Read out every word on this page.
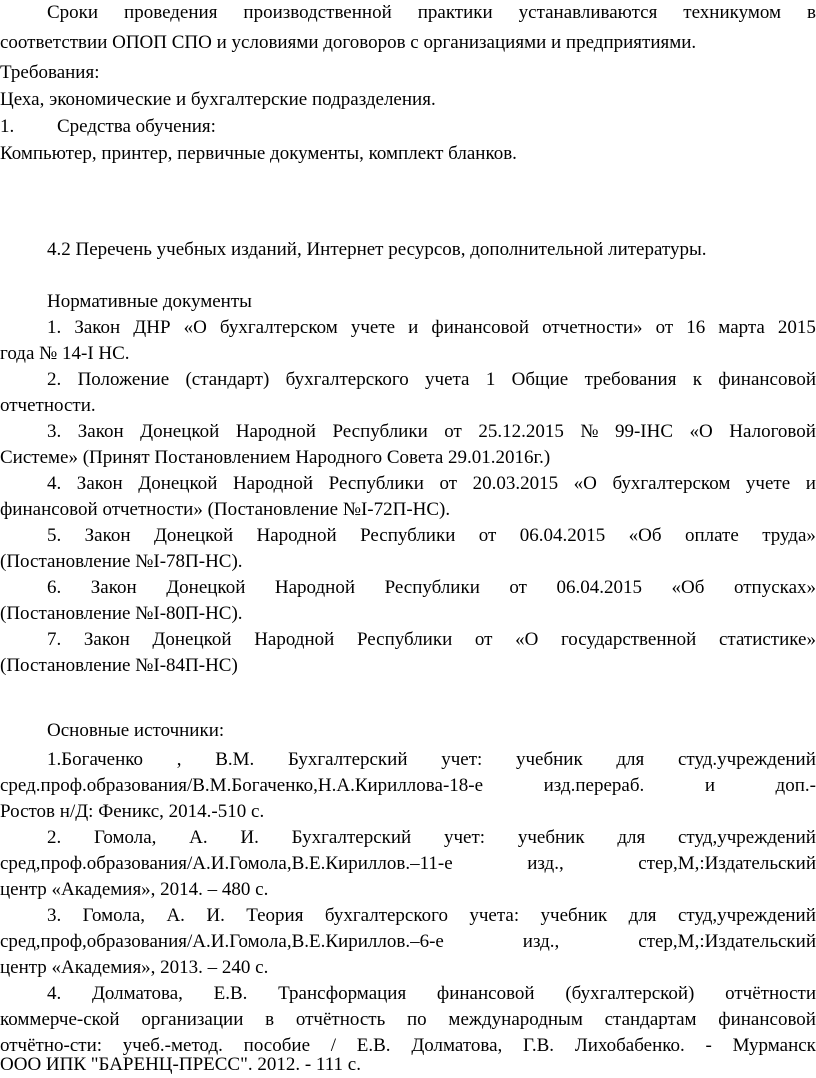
Сроки проведения производственной практики устанавливаются техникумом в
соответствии ОПОП СПО и условиями договоров с организациями и предприятиями.
Требования:
Цеха, экономические и бухгалтерские подразделения.
1. Средства обучения:
Компьютер, принтер, первичные документы, комплект бланков.
4.2 Перечень учебных изданий, Интернет ресурсов, дополнительной литературы.
Нормативные документы
1. Закон ДНР «О бухгалтерском учете и финансовой отчетности» от 16 марта 2015
года № 14-I НС.
2. Положение (стандарт) бухгалтерского учета 1 Общие требования к финансовой
отчетности.
3. Закон Донецкой Народной Республики от 25.12.2015 № 99-IНС «О Налоговой
Системе» (Принят Постановлением Народного Совета 29.01.2016г.)
4. Закон Донецкой Народной Республики от 20.03.2015 «О бухгалтерском учете и
финансовой отчетности» (Постановление №I-72П-НС).
5. Закон Донецкой Народной Республики от 06.04.2015 «Об оплате труда»
(Постановление №I-78П-НС).
6. Закон Донецкой Народной Республики от 06.04.2015 «Об отпусках»
(Постановление №I-80П-НС).
7. Закон Донецкой Народной Республики от «О государственной статистике»
(Постановление №I-84П-НС)
Основные источники:
1.Богаченко , В.М. Бухгалтерский учет: учебник для студ.учреждений
сред.проф.образования/В.М.Богаченко,Н.А.Кириллова-18-е	изд.перераб.	и	доп.-
Ростов н/Д: Феникс, 2014.-510 с.
2. Гомола, А. И. Бухгалтерский учет: учебник для студ,учреждений
сред,проф.образования/А.И.Гомола,В.Е.Кириллов.–11-е	изд.,	стер,М,:Издательский
центр «Академия», 2014. – 480 с.
3. Гомола, А. И. Теория бухгалтерского учета: учебник для студ,учреждений
сред,проф,образования/А.И.Гомола,В.Е.Кириллов.–6-е	изд.,	стер,М,:Издательский
центр «Академия», 2013. – 240 с.
4. Долматова, Е.В. Трансформация финансовой (бухгалтерской) отчётности
коммерче-ской организации в отчётность по международным стандартам финансовой
отчётно-сти: учеб.-метод. пособие / Е.В. Долматова, Г.В. Лихобабенко. - Мурманск
ООО ИПК "БАРЕНЦ-ПРЕСС". 2012. - 111 с.
